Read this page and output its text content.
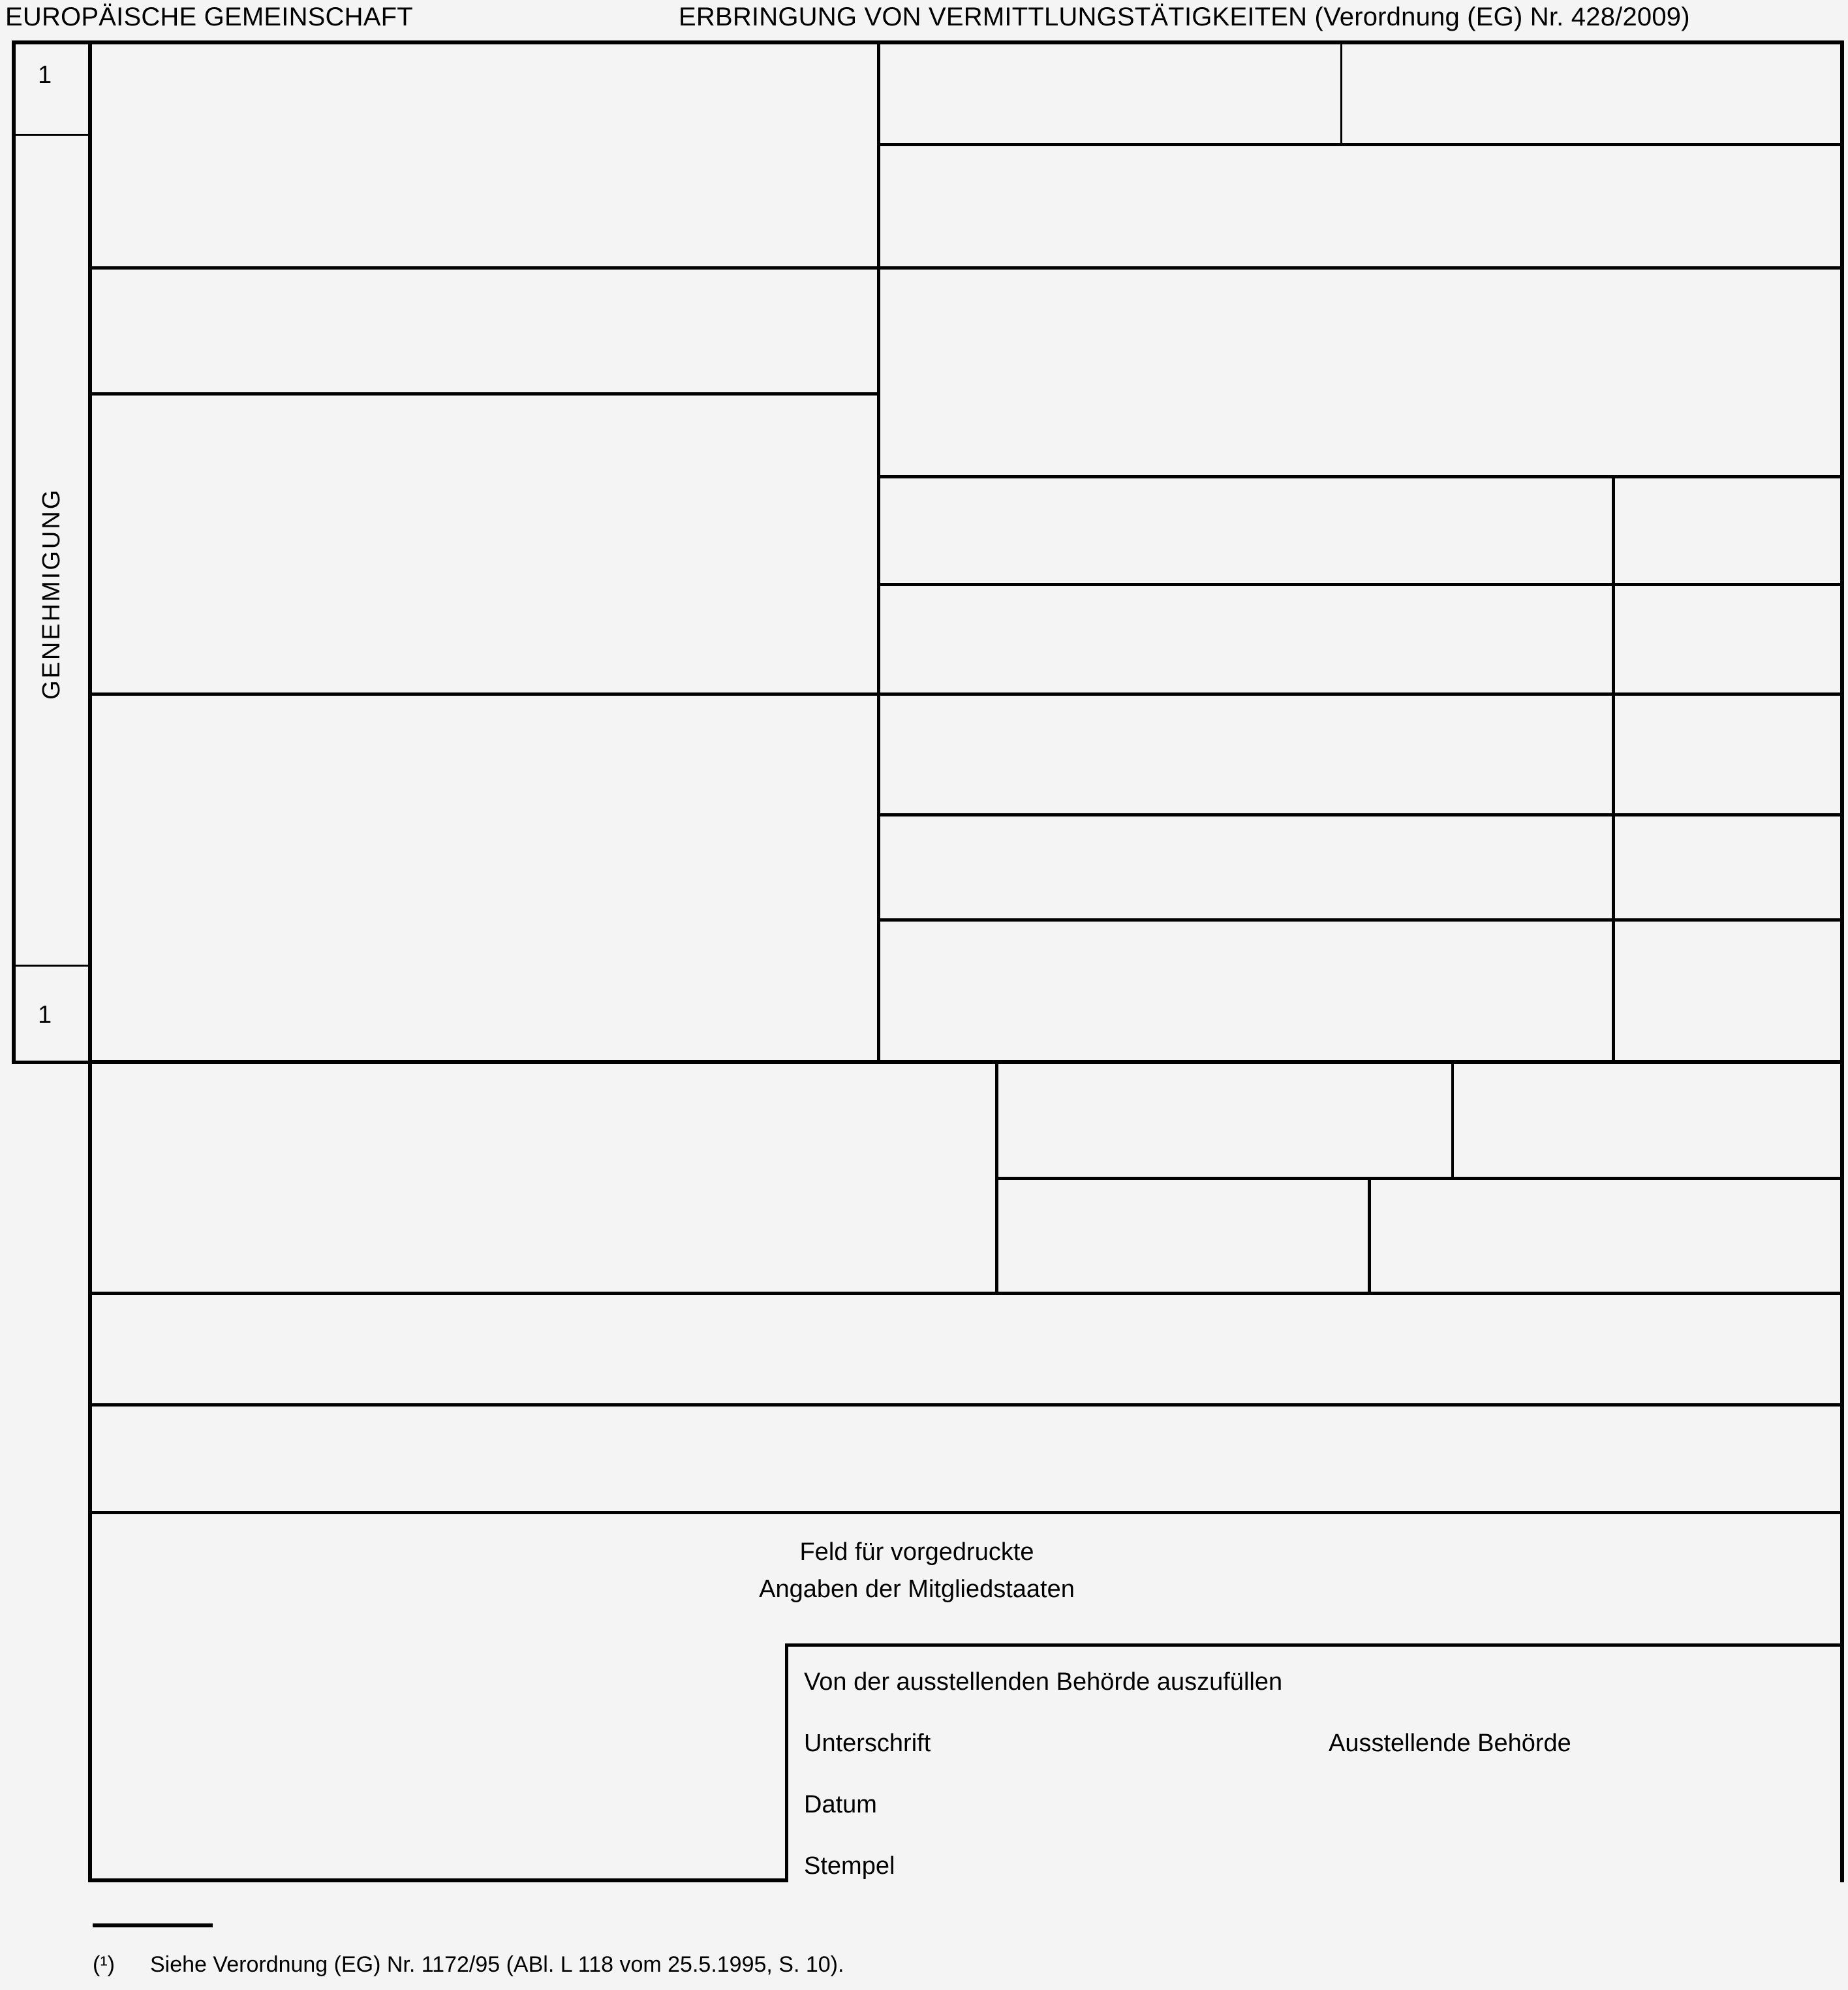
EUROPÄISCHE GEMEINSCHAFT	ERBRINGUNG VON VERMITTLUNGSTÄTIGKEITEN (Verordnung (EG) Nr. 428/2009)
1
GENEHMIGUNG
1
Feld für vorgedruckte
Angaben der Mitgliedstaaten
Von der ausstellenden Behörde auszufüllen
Unterschrift	Ausstellende Behörde
Datum
Stempel
(¹) Siehe Verordnung (EG) Nr. 1172/95 (ABl. L 118 vom 25.5.1995, S. 10).
